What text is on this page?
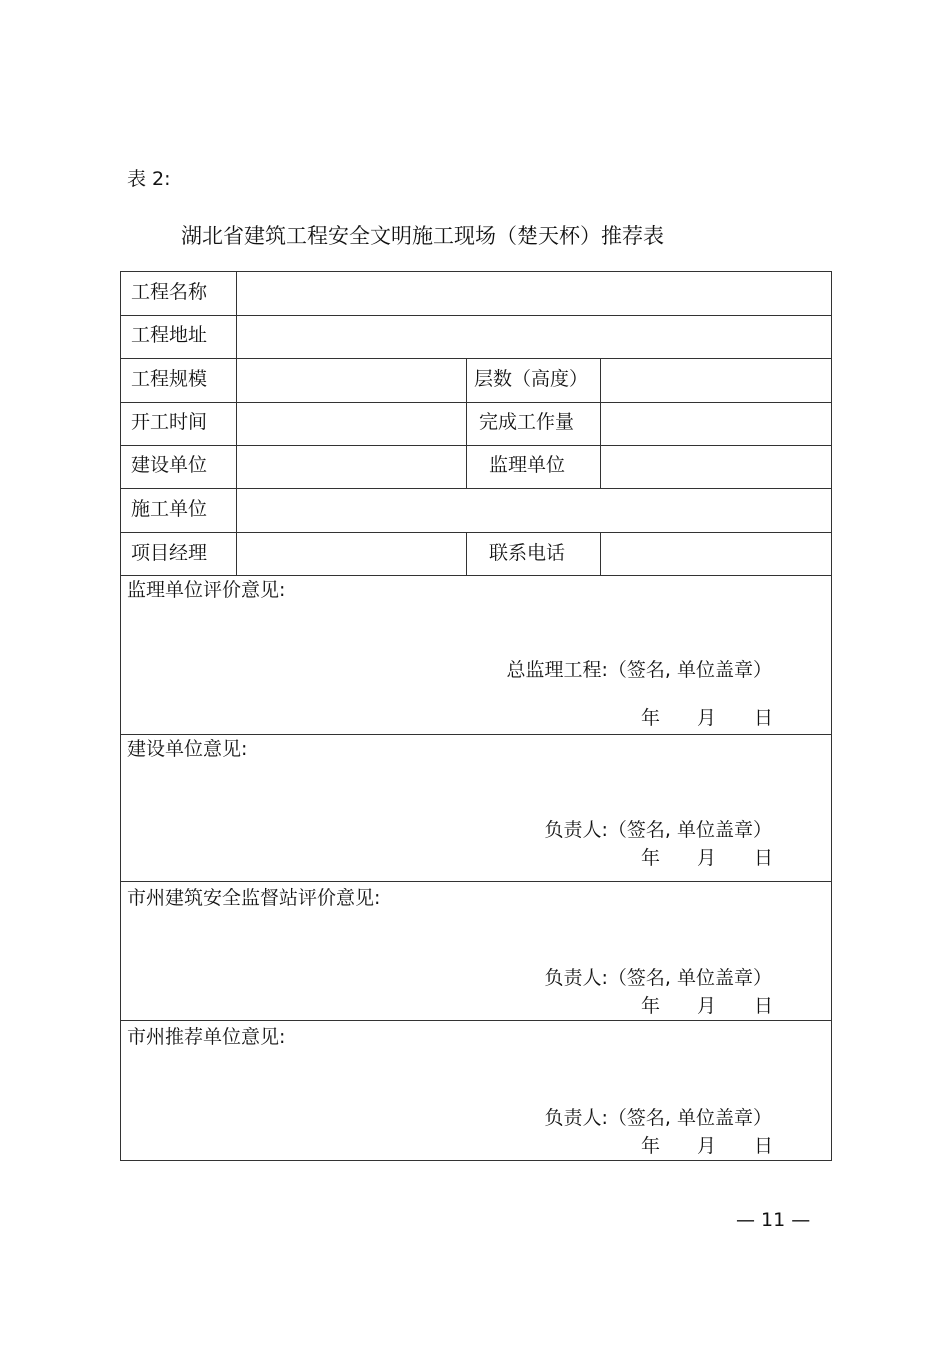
表 2:
湖北省建筑工程安全文明施工现场（楚天杯）推荐表
工程名称
工程地址
工程规模	层数（高度）
开工时间	完成工作量
建设单位	监理单位
施工单位
项目经理	联系电话
监理单位评价意见:
总监理工程:（签名, 单位盖章）
年 月 日
建设单位意见:
负责人:（签名, 单位盖章）
年 月 日
市州建筑安全监督站评价意见:
负责人:（签名, 单位盖章）
年 月 日
市州推荐单位意见:
负责人:（签名, 单位盖章）
年 月 日
— 11 —
